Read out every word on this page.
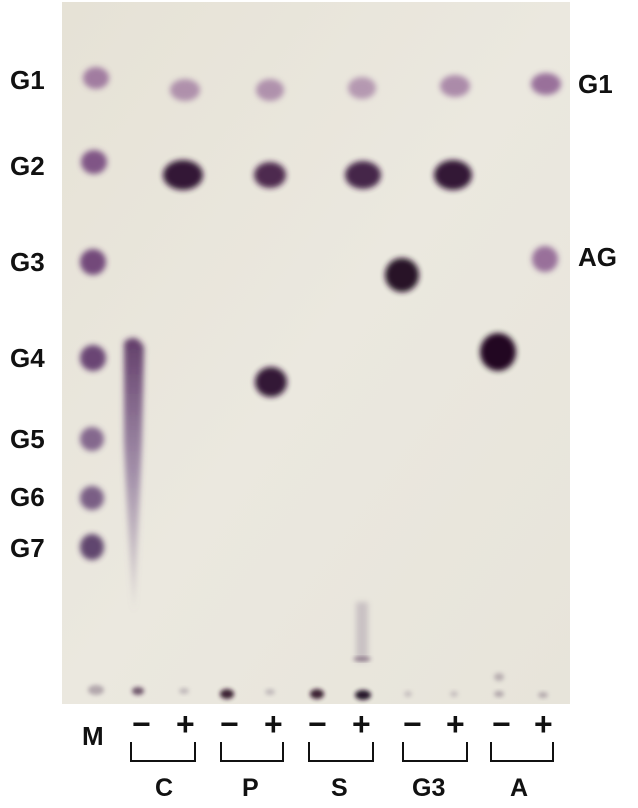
G1
G2
G3
G4
G5
G6
G7
G1
AG
M − + − + − + − + − +
C	P	S	G3	A
